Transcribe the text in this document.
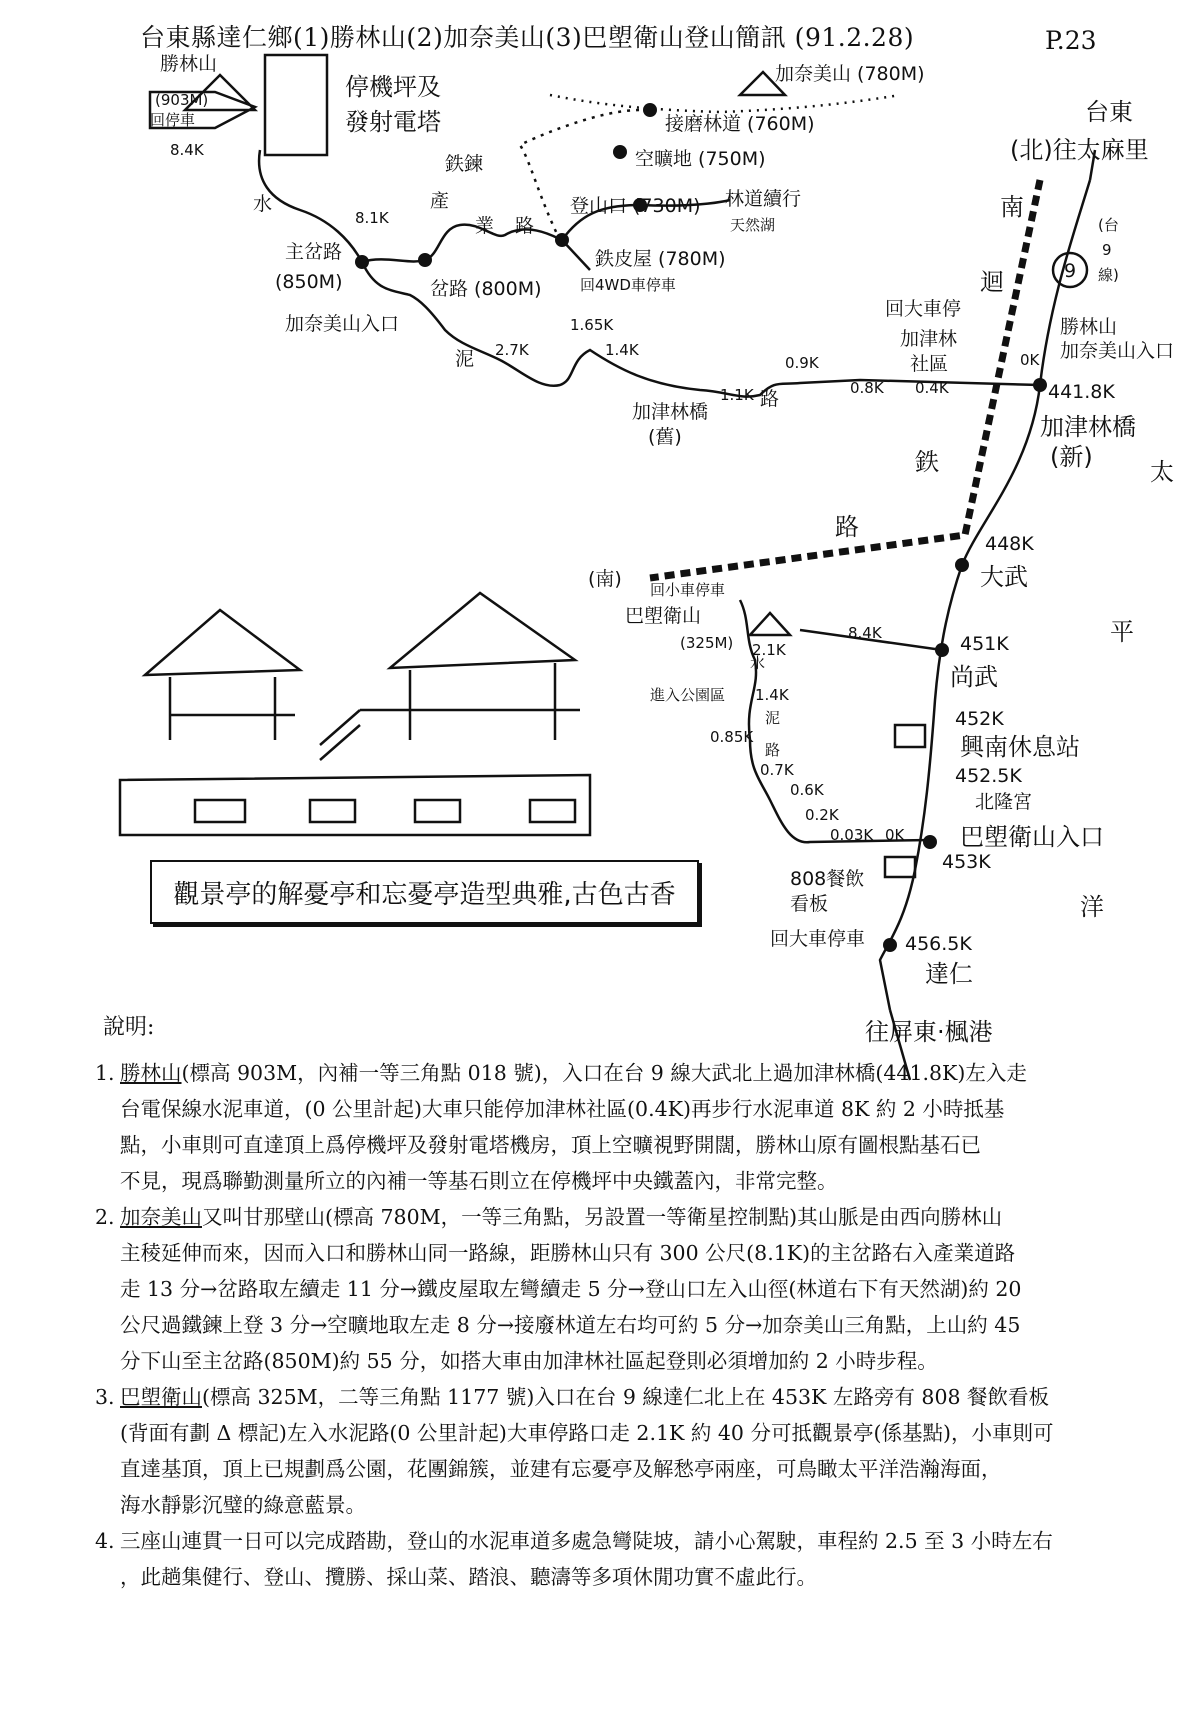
台東縣達仁鄉(1)勝林山(2)加奈美山(3)巴塱衛山登山簡訊 (91.2.28)	P.23
勝林山
(903M)
回停車
8.4K
停機坪及
發射電塔
加奈美山 (780M)
接磨林道 (760M)
空曠地 (750M)
鉄鍊
登山口 (730M) 林道續行
天然湖
鉄皮屋 (780M)
回4WD車停車
水
8.1K
主岔路
(850M)
加奈美山入口
岔路 (800M)
產
業 路
泥 2.7K
1.65K
1.4K
1.1K
0.9K
0.8K 0.4K
0K
加津林橋
(舊)
路
回大車停
加津林
社區
台東
(北)往太麻里
南
迴	9
(台
9
線)
勝林山
加奈美山入口
441.8K
加津林橋
(新)
太
平
洋
鉄
路
(南)
448K
大武
回小車停車
巴塱衛山
(325M)
8.4K	451K
尚武
進入公園區
2.1K
1.4K
0.85K
0.7K
0.6K
0.2K
0.03K 0K
水
泥
路
452K
興南休息站
452.5K
北隆宮
巴塱衛山入口
453K
808餐飲
看板
回大車停車 456.5K
達仁
往屏東·楓港
觀景亭的解憂亭和忘憂亭造型典雅,古色古香
說明:
1. 勝林山(標高 903M，內補一等三角點 018 號)，入口在台 9 線大武北上過加津林橋(441.8K)左入走
台電保線水泥車道，(0 公里計起)大車只能停加津林社區(0.4K)再步行水泥車道 8K 約 2 小時抵基
點，小車則可直達頂上爲停機坪及發射電塔機房，頂上空曠視野開闊，勝林山原有圖根點基石已
不見，現爲聯勤測量所立的內補一等基石則立在停機坪中央鐵蓋內，非常完整。
2. 加奈美山又叫甘那壁山(標高 780M，一等三角點，另設置一等衛星控制點)其山脈是由西向勝林山
主稜延伸而來，因而入口和勝林山同一路線，距勝林山只有 300 公尺(8.1K)的主岔路右入產業道路
走 13 分→岔路取左續走 11 分→鐵皮屋取左彎續走 5 分→登山口左入山徑(林道右下有天然湖)約 20
公尺過鐵鍊上登 3 分→空曠地取左走 8 分→接廢林道左右均可約 5 分→加奈美山三角點，上山約 45
分下山至主岔路(850M)約 55 分，如搭大車由加津林社區起登則必須增加約 2 小時步程。
3. 巴塱衛山(標高 325M，二等三角點 1177 號)入口在台 9 線達仁北上在 453K 左路旁有 808 餐飲看板
(背面有劃 Δ 標記)左入水泥路(0 公里計起)大車停路口走 2.1K 約 40 分可抵觀景亭(係基點)，小車則可
直達基頂，頂上已規劃爲公園，花團錦簇，並建有忘憂亭及解愁亭兩座，可鳥瞰太平洋浩瀚海面，
海水靜影沉璧的綠意藍景。
4. 三座山連貫一日可以完成踏勘，登山的水泥車道多處急彎陡坡，請小心駕駛，車程約 2.5 至 3 小時左右
，此趟集健行、登山、攬勝、採山菜、踏浪、聽濤等多項休閒功實不虛此行。
